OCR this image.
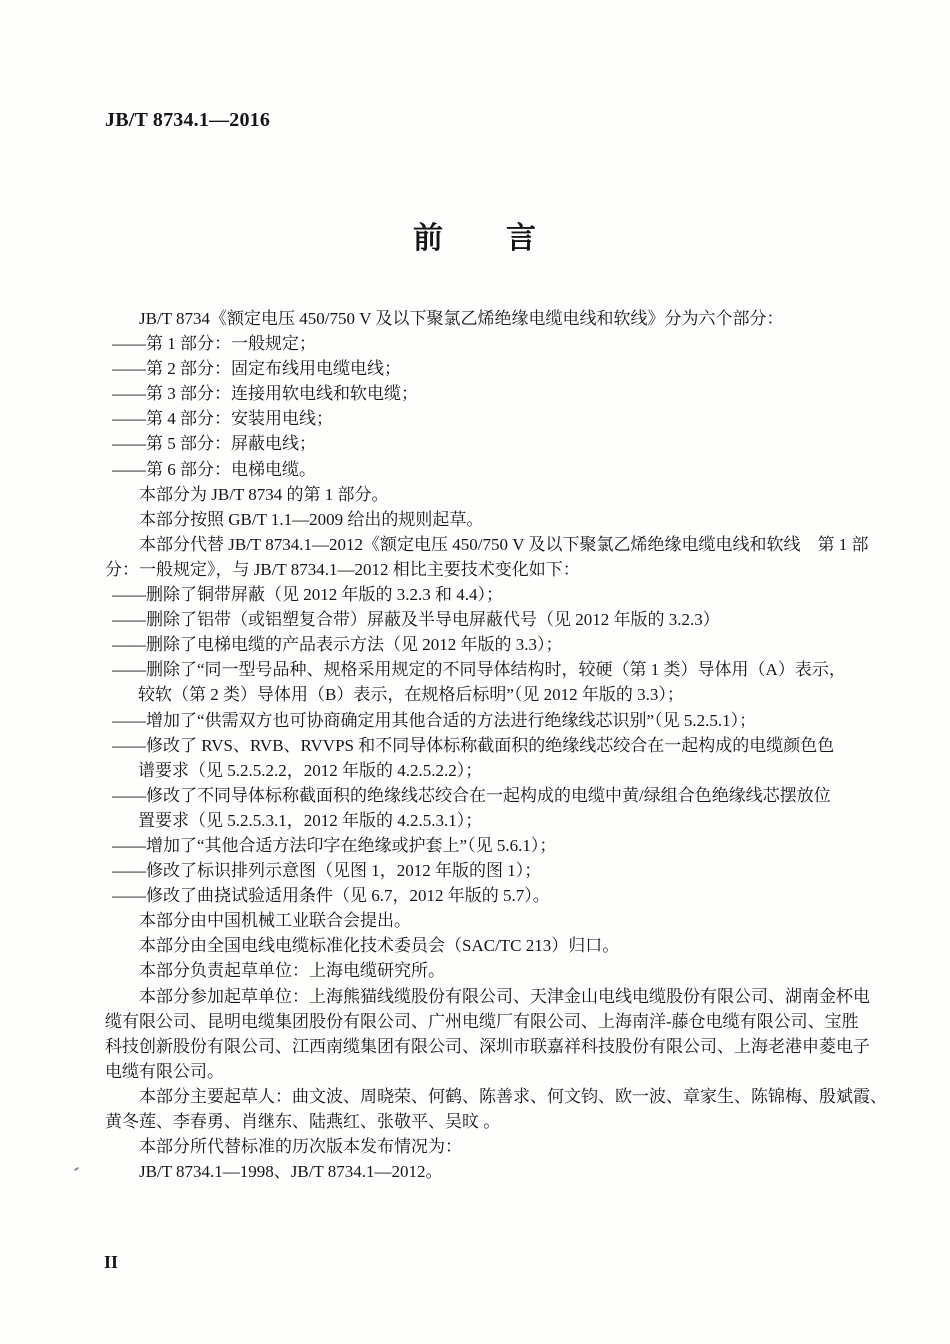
JB/T 8734.1—2016
前　　言
JB/T 8734《额定电压 450/750 V 及以下聚氯乙烯绝缘电缆电线和软线》分为六个部分：
——第 1 部分：一般规定；
——第 2 部分：固定布线用电缆电线；
——第 3 部分：连接用软电线和软电缆；
——第 4 部分：安装用电线；
——第 5 部分：屏蔽电线；
——第 6 部分：电梯电缆。
本部分为 JB/T 8734 的第 1 部分。
本部分按照 GB/T 1.1—2009 给出的规则起草。
本部分代替 JB/T 8734.1—2012《额定电压 450/750 V 及以下聚氯乙烯绝缘电缆电线和软线　第 1 部
分：一般规定》，与 JB/T 8734.1—2012 相比主要技术变化如下：
——删除了铜带屏蔽（见 2012 年版的 3.2.3 和 4.4）；
——删除了铝带（或铝塑复合带）屏蔽及半导电屏蔽代号（见 2012 年版的 3.2.3）
——删除了电梯电缆的产品表示方法（见 2012 年版的 3.3）；
——删除了“同一型号品种、规格采用规定的不同导体结构时，较硬（第 1 类）导体用（A）表示，
较软（第 2 类）导体用（B）表示，在规格后标明”（见 2012 年版的 3.3）；
——增加了“供需双方也可协商确定用其他合适的方法进行绝缘线芯识别”（见 5.2.5.1）；
——修改了 RVS、RVB、RVVPS 和不同导体标称截面积的绝缘线芯绞合在一起构成的电缆颜色色
谱要求（见 5.2.5.2.2，2012 年版的 4.2.5.2.2）；
——修改了不同导体标称截面积的绝缘线芯绞合在一起构成的电缆中黄/绿组合色绝缘线芯摆放位
置要求（见 5.2.5.3.1，2012 年版的 4.2.5.3.1）；
——增加了“其他合适方法印字在绝缘或护套上”（见 5.6.1）；
——修改了标识排列示意图（见图 1，2012 年版的图 1）；
——修改了曲挠试验适用条件（见 6.7，2012 年版的 5.7）。
本部分由中国机械工业联合会提出。
本部分由全国电线电缆标准化技术委员会（SAC/TC 213）归口。
本部分负责起草单位：上海电缆研究所。
本部分参加起草单位：上海熊猫线缆股份有限公司、天津金山电线电缆股份有限公司、湖南金杯电
缆有限公司、昆明电缆集团股份有限公司、广州电缆厂有限公司、上海南洋-藤仓电缆有限公司、宝胜
科技创新股份有限公司、江西南缆集团有限公司、深圳市联嘉祥科技股份有限公司、上海老港申菱电子
电缆有限公司。
本部分主要起草人：曲文波、周晓荣、何鹤、陈善求、何文钧、欧一波、章家生、陈锦梅、殷斌霞、
黄冬莲、李春勇、肖继东、陆燕红、张敬平、吴旼 。
本部分所代替标准的历次版本发布情况为：
JB/T 8734.1—1998、JB/T 8734.1—2012。
II
